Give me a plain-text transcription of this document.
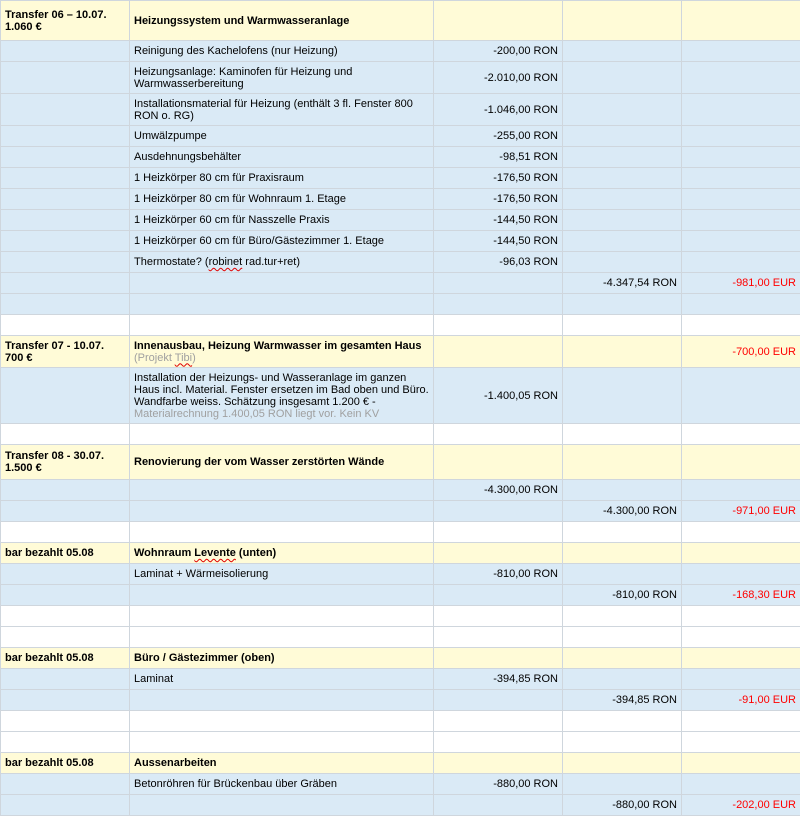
Transfer 06 – 10.07.
1.060 €	Heizungssystem und Warmwasseranlage			
	Reinigung des Kachelofens (nur Heizung)	-200,00 RON		
	Heizungsanlage: Kaminofen für Heizung und Warmwasserbereitung	-2.010,00 RON		
	Installationsmaterial für Heizung (enthält 3 fl. Fenster 800 RON o. RG)	-1.046,00 RON		
	Umwälzpumpe	-255,00 RON		
	Ausdehnungsbehälter	-98,51 RON		
	1 Heizkörper 80 cm für Praxisraum	-176,50 RON		
	1 Heizkörper 80 cm für Wohnraum 1. Etage	-176,50 RON		
	1 Heizkörper 60 cm für Nasszelle Praxis	-144,50 RON		
	1 Heizkörper 60 cm für Büro/Gästezimmer 1. Etage	-144,50 RON		
	Thermostate? (robinet rad.tur+ret)	-96,03 RON		
			-4.347,54 RON	-981,00 EUR

Transfer 07 - 10.07.
700 €	Innenausbau, Heizung Warmwasser im gesamten Haus
(Projekt Tibi)			-700,00 EUR
	Installation der Heizungs- und Wasseranlage im ganzen Haus incl. Material. Fenster ersetzen im Bad oben und Büro. Wandfarbe weiss. Schätzung insgesamt 1.200 € -
Materialrechnung 1.400,05 RON liegt vor. Kein KV	-1.400,05 RON		

Transfer 08 - 30.07.
1.500 €	Renovierung der vom Wasser zerstörten Wände			
		-4.300,00 RON		
			-4.300,00 RON	-971,00 EUR

bar bezahlt 05.08	Wohnraum Levente (unten)			
	Laminat + Wärmeisolierung	-810,00 RON		
			-810,00 RON	-168,30 EUR

bar bezahlt 05.08	Büro / Gästezimmer (oben)			
	Laminat	-394,85 RON		
			-394,85 RON	-91,00 EUR

bar bezahlt 05.08	Aussenarbeiten			
	Betonröhren für Brückenbau über Gräben	-880,00 RON		
			-880,00 RON	-202,00 EUR
